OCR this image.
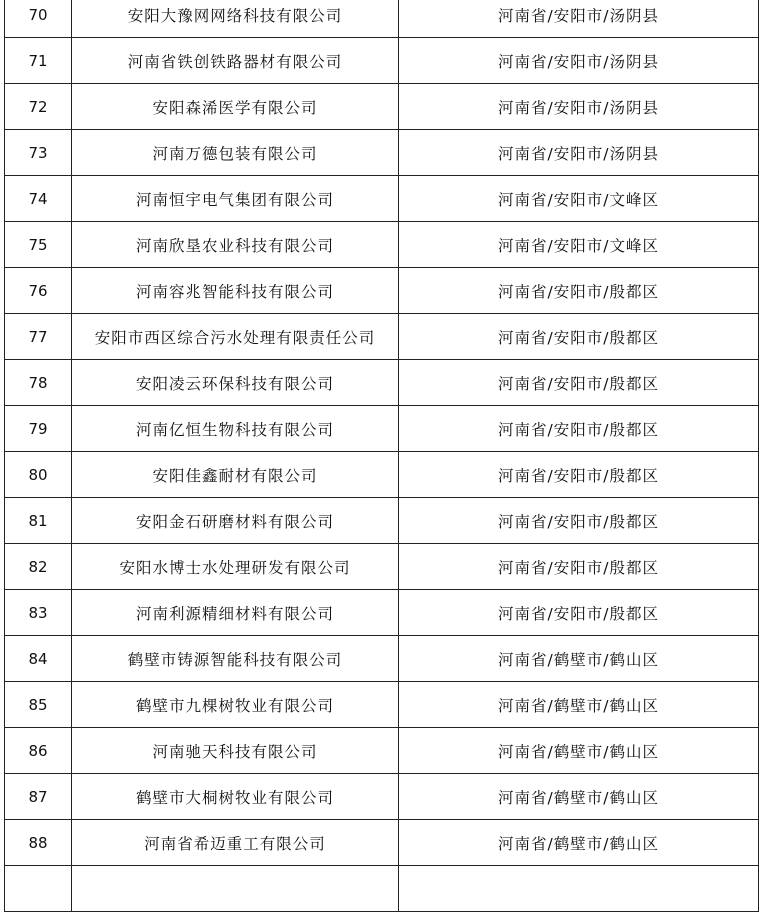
70	安阳大豫网网络科技有限公司	河南省/安阳市/汤阴县
71	河南省铁创铁路器材有限公司	河南省/安阳市/汤阴县
72	安阳森浠医学有限公司	河南省/安阳市/汤阴县
73	河南万德包装有限公司	河南省/安阳市/汤阴县
74	河南恒宇电气集团有限公司	河南省/安阳市/文峰区
75	河南欣垦农业科技有限公司	河南省/安阳市/文峰区
76	河南容兆智能科技有限公司	河南省/安阳市/殷都区
77	安阳市西区综合污水处理有限责任公司	河南省/安阳市/殷都区
78	安阳凌云环保科技有限公司	河南省/安阳市/殷都区
79	河南亿恒生物科技有限公司	河南省/安阳市/殷都区
80	安阳佳鑫耐材有限公司	河南省/安阳市/殷都区
81	安阳金石研磨材料有限公司	河南省/安阳市/殷都区
82	安阳水博士水处理研发有限公司	河南省/安阳市/殷都区
83	河南利源精细材料有限公司	河南省/安阳市/殷都区
84	鹤壁市铸源智能科技有限公司	河南省/鹤壁市/鹤山区
85	鹤壁市九棵树牧业有限公司	河南省/鹤壁市/鹤山区
86	河南驰天科技有限公司	河南省/鹤壁市/鹤山区
87	鹤壁市大桐树牧业有限公司	河南省/鹤壁市/鹤山区
88	河南省希迈重工有限公司	河南省/鹤壁市/鹤山区
